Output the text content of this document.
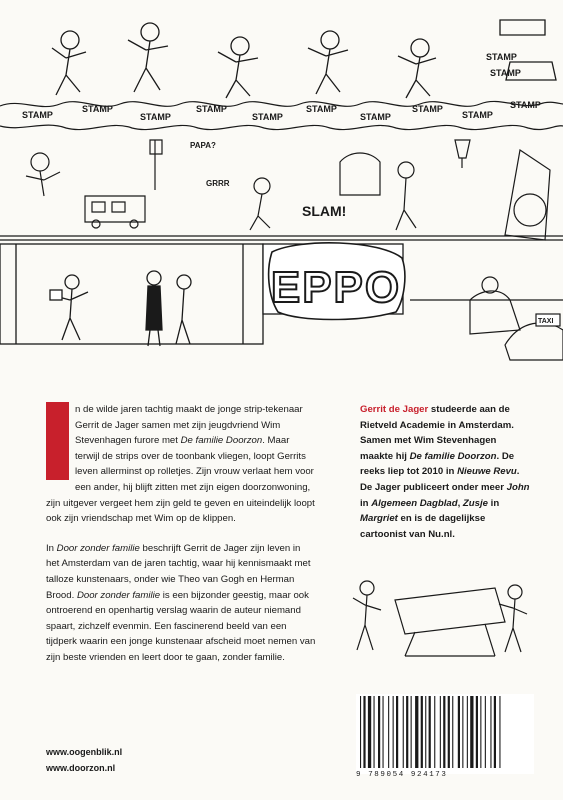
STAMP
STAMP
STAMP
STAMP
STAMP
STAMP
STAMP
STAMP
STAMP
STAMP
STAMP
STAMP
PAPA?
GRRR
SLAM!
EPPO
TAXI

n de wilde jaren tachtig maakt de jonge strip-tekenaar Gerrit de Jager samen met zijn jeugdvriend Wim Stevenhagen furore met De familie Doorzon. Maar terwijl de strips over de toonbank vliegen, loopt Gerrits leven allerminst op rolletjes. Zijn vrouw verlaat hem voor een ander, hij blijft zitten met zijn eigen doorzonwoning, zijn uitgever vergeet hem zijn geld te geven en uiteindelijk loopt ook zijn vriendschap met Wim op de klippen.

In Door zonder familie beschrijft Gerrit de Jager zijn leven in het Amsterdam van de jaren tachtig, waar hij kennismaakt met talloze kunstenaars, onder wie Theo van Gogh en Herman Brood. Door zonder familie is een bijzonder geestig, maar ook ontroerend en openhartig verslag waarin de auteur niemand spaart, zichzelf evenmin. Een fascinerend beeld van een tijdperk waarin een jonge kunstenaar afscheid moet nemen van zijn beste vrienden en leert door te gaan, zonder familie.

Gerrit de Jager studeerde aan de Rietveld Academie in Amsterdam. Samen met Wim Stevenhagen maakte hij De familie Doorzon. De reeks liep tot 2010 in Nieuwe Revu. De Jager publiceert onder meer John in Algemeen Dagblad, Zusje in Margriet en is de dagelijkse cartoonist van Nu.nl.
9 789054 924173
www.oogenblik.nl
www.doorzon.nl
